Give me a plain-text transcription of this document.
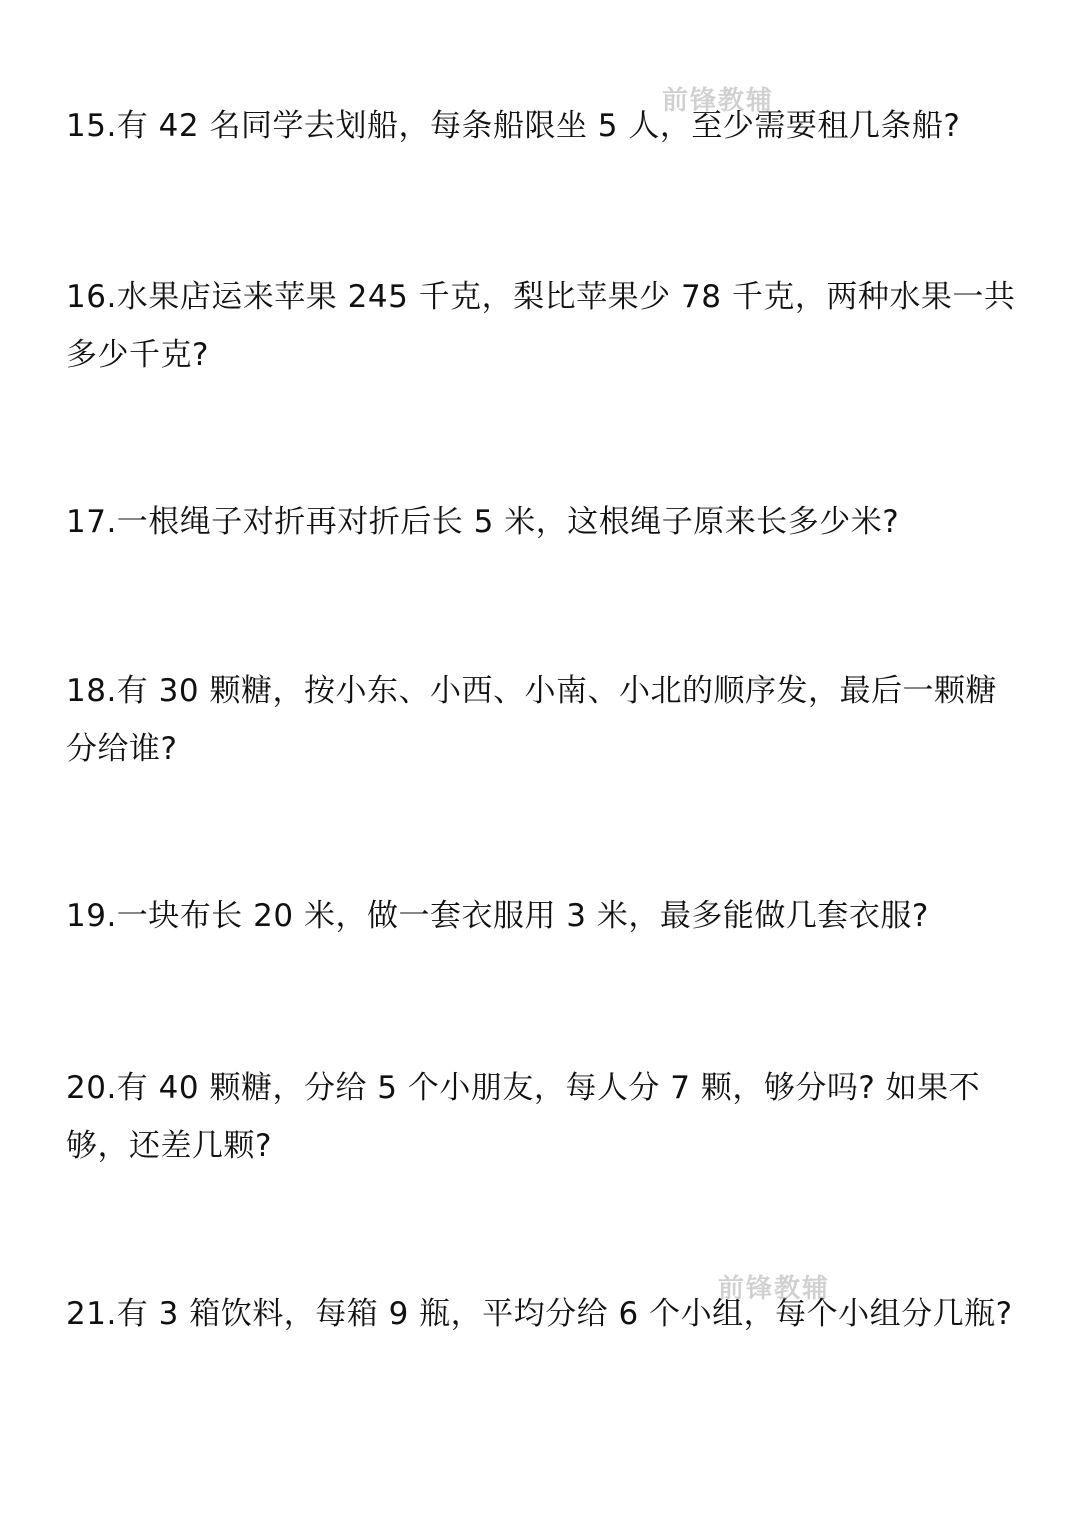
15.有 42 名同学去划船，每条船限坐 5 人，至少需要租几条船?

16.水果店运来苹果 245 千克，梨比苹果少 78 千克，两种水果一共多少千克?

17.一根绳子对折再对折后长 5 米，这根绳子原来长多少米?

18.有 30 颗糖，按小东、小西、小南、小北的顺序发，最后一颗糖分给谁?

19.一块布长 20 米，做一套衣服用 3 米，最多能做几套衣服?

20.有 40 颗糖，分给 5 个小朋友，每人分 7 颗，够分吗? 如果不够，还差几颗?

21.有 3 箱饮料，每箱 9 瓶，平均分给 6 个小组，每个小组分几瓶?

前锋教辅
前锋教辅
